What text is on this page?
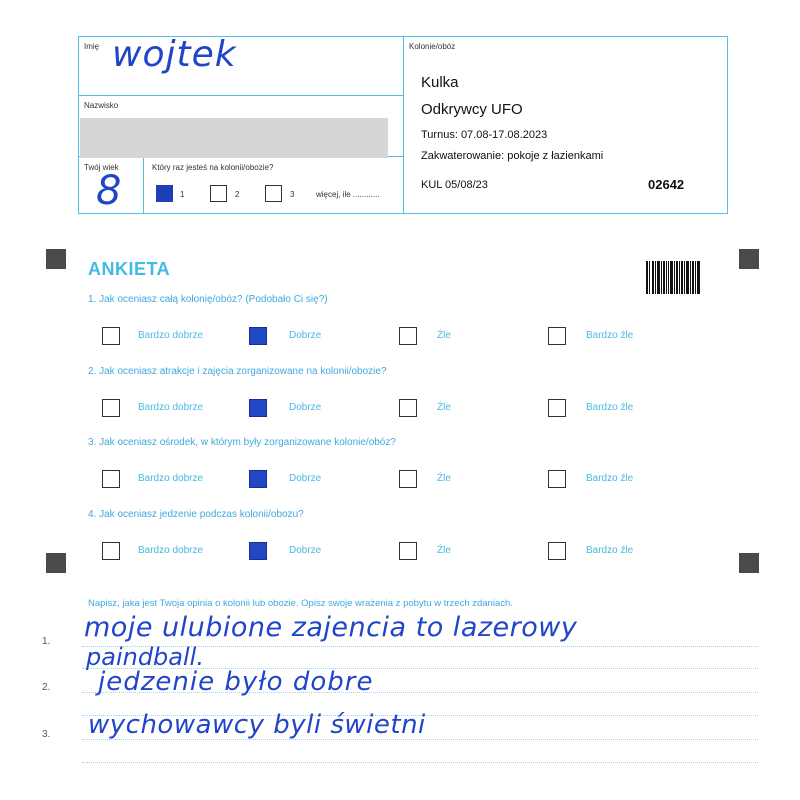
Imię wojtek
Nazwisko
Twój wiek
8
Który raz jesteś na kolonii/obozie?
1	2	3	więcej, ile ............
Kolonie/obóz
Kulka
Odkrywcy UFO
Turnus: 07.08-17.08.2023
Zakwaterowanie: pokoje z łazienkami
KUL 05/08/23	02642
ANKIETA
1. Jak oceniasz całą kolonię/obóz? (Podobało Ci się?)
Bardzo dobrze	Dobrze	Źle	Bardzo źle
2. Jak oceniasz atrakcje i zajęcia zorganizowane na kolonii/obozie?
Bardzo dobrze	Dobrze	Źle	Bardzo źle
3. Jak oceniasz ośrodek, w którym były zorganizowane kolonie/obóz?
Bardzo dobrze	Dobrze	Źle	Bardzo źle
4. Jak oceniasz jedzenie podczas kolonii/obozu?
Bardzo dobrze	Dobrze	Źle	Bardzo źle
Napisz, jaka jest Twoja opinia o kolonii lub obozie. Opisz swoje wrażenia z pobytu w trzech zdaniach.
1.
2.
3.
moje ulubione zajencia to lazerowy
paindball.
jedzenie było dobre
wychowawcy byli świetni
